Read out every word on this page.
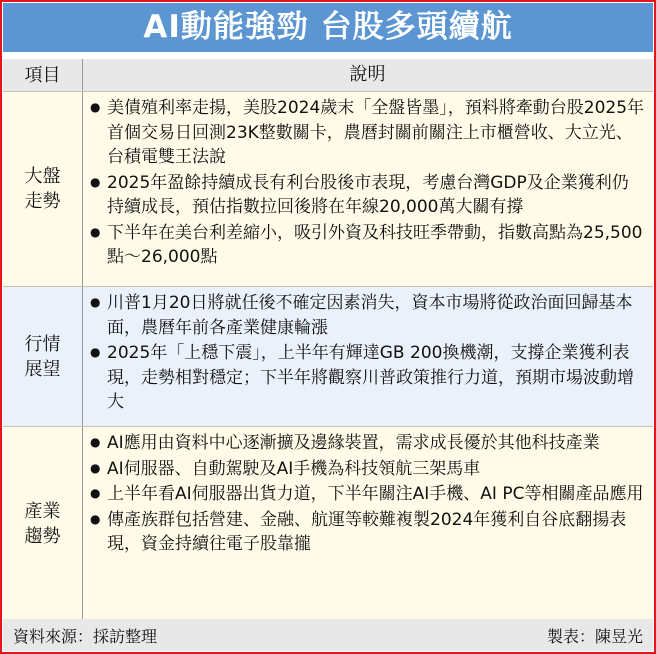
AI動能強勁 台股多頭續航
項目	說明
大盤
走勢
● 美債殖利率走揚，美股2024歲末「全盤皆墨」，預料將牽動台股2025年首個交易日回測23K整數關卡，農曆封關前關注上市櫃營收、大立光、台積電雙王法說
● 2025年盈餘持續成長有利台股後市表現，考慮台灣GDP及企業獲利仍持續成長，預估指數拉回後將在年線20,000萬大關有撐
● 下半年在美台利差縮小，吸引外資及科技旺季帶動，指數高點為25,500點～26,000點
行情
展望
● 川普1月20日將就任後不確定因素消失，資本市場將從政治面回歸基本面，農曆年前各產業健康輪漲
● 2025年「上穩下震」，上半年有輝達GB 200換機潮，支撐企業獲利表現，走勢相對穩定；下半年將觀察川普政策推行力道，預期市場波動增大
產業
趨勢
● AI應用由資料中心逐漸擴及邊緣裝置，需求成長優於其他科技產業
● AI伺服器、自動駕駛及AI手機為科技領航三架馬車
● 上半年看AI伺服器出貨力道，下半年關注AI手機、AI PC等相關產品應用
● 傳產族群包括營建、金融、航運等較難複製2024年獲利自谷底翻揚表現，資金持續往電子股靠攏
資料來源：採訪整理	製表：陳昱光
